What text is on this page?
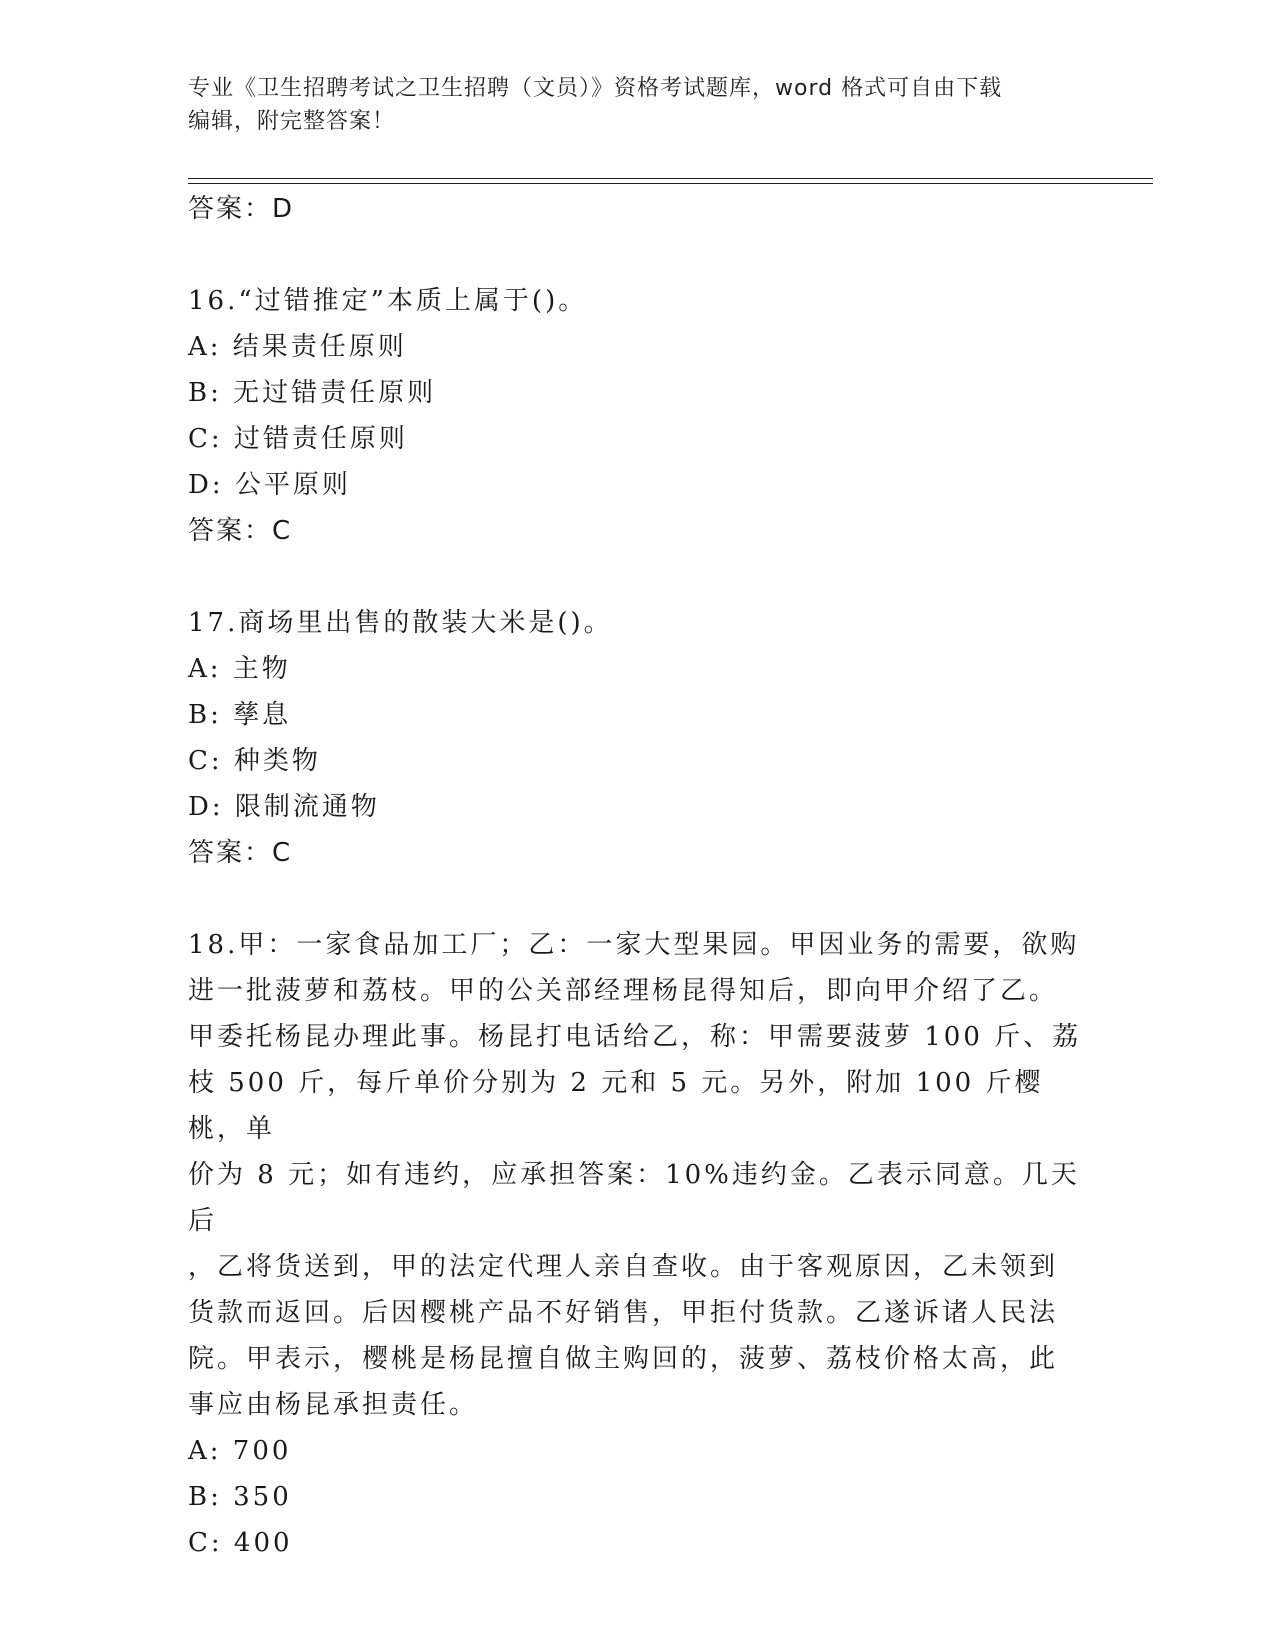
专业《卫生招聘考试之卫生招聘（文员）》资格考试题库，word 格式可自由下载
编辑，附完整答案！

答案：D

16.“过错推定”本质上属于()。

A: 结果责任原则

B: 无过错责任原则

C: 过错责任原则

D: 公平原则

答案：C

17.商场里出售的散装大米是()。

A: 主物

B: 孳息

C: 种类物

D: 限制流通物

答案：C

18.甲：一家食品加工厂；乙：一家大型果园。甲因业务的需要，欲购

进一批菠萝和荔枝。甲的公关部经理杨昆得知后，即向甲介绍了乙。

甲委托杨昆办理此事。杨昆打电话给乙，称：甲需要菠萝 100 斤、荔

枝 500 斤，每斤单价分别为 2 元和 5 元。另外，附加 100 斤樱桃，单

价为 8 元；如有违约，应承担答案：10%违约金。乙表示同意。几天后

，乙将货送到，甲的法定代理人亲自查收。由于客观原因，乙未领到

货款而返回。后因樱桃产品不好销售，甲拒付货款。乙遂诉诸人民法

院。甲表示，樱桃是杨昆擅自做主购回的，菠萝、荔枝价格太高，此

事应由杨昆承担责任。

A: 700

B: 350

C: 400
